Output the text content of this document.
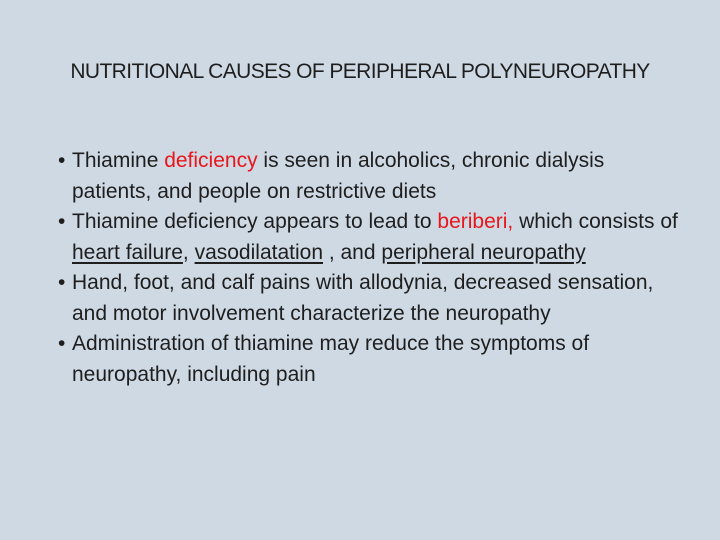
NUTRITIONAL CAUSES OF PERIPHERAL POLYNEUROPATHY
• Thiamine deficiency is seen in alcoholics, chronic dialysis patients, and people on restrictive diets
• Thiamine deficiency appears to lead to beriberi, which consists of heart failure, vasodilatation , and peripheral neuropathy
• Hand, foot, and calf pains with allodynia, decreased sensation, and motor involvement characterize the neuropathy
• Administration of thiamine may reduce the symptoms of neuropathy, including pain
